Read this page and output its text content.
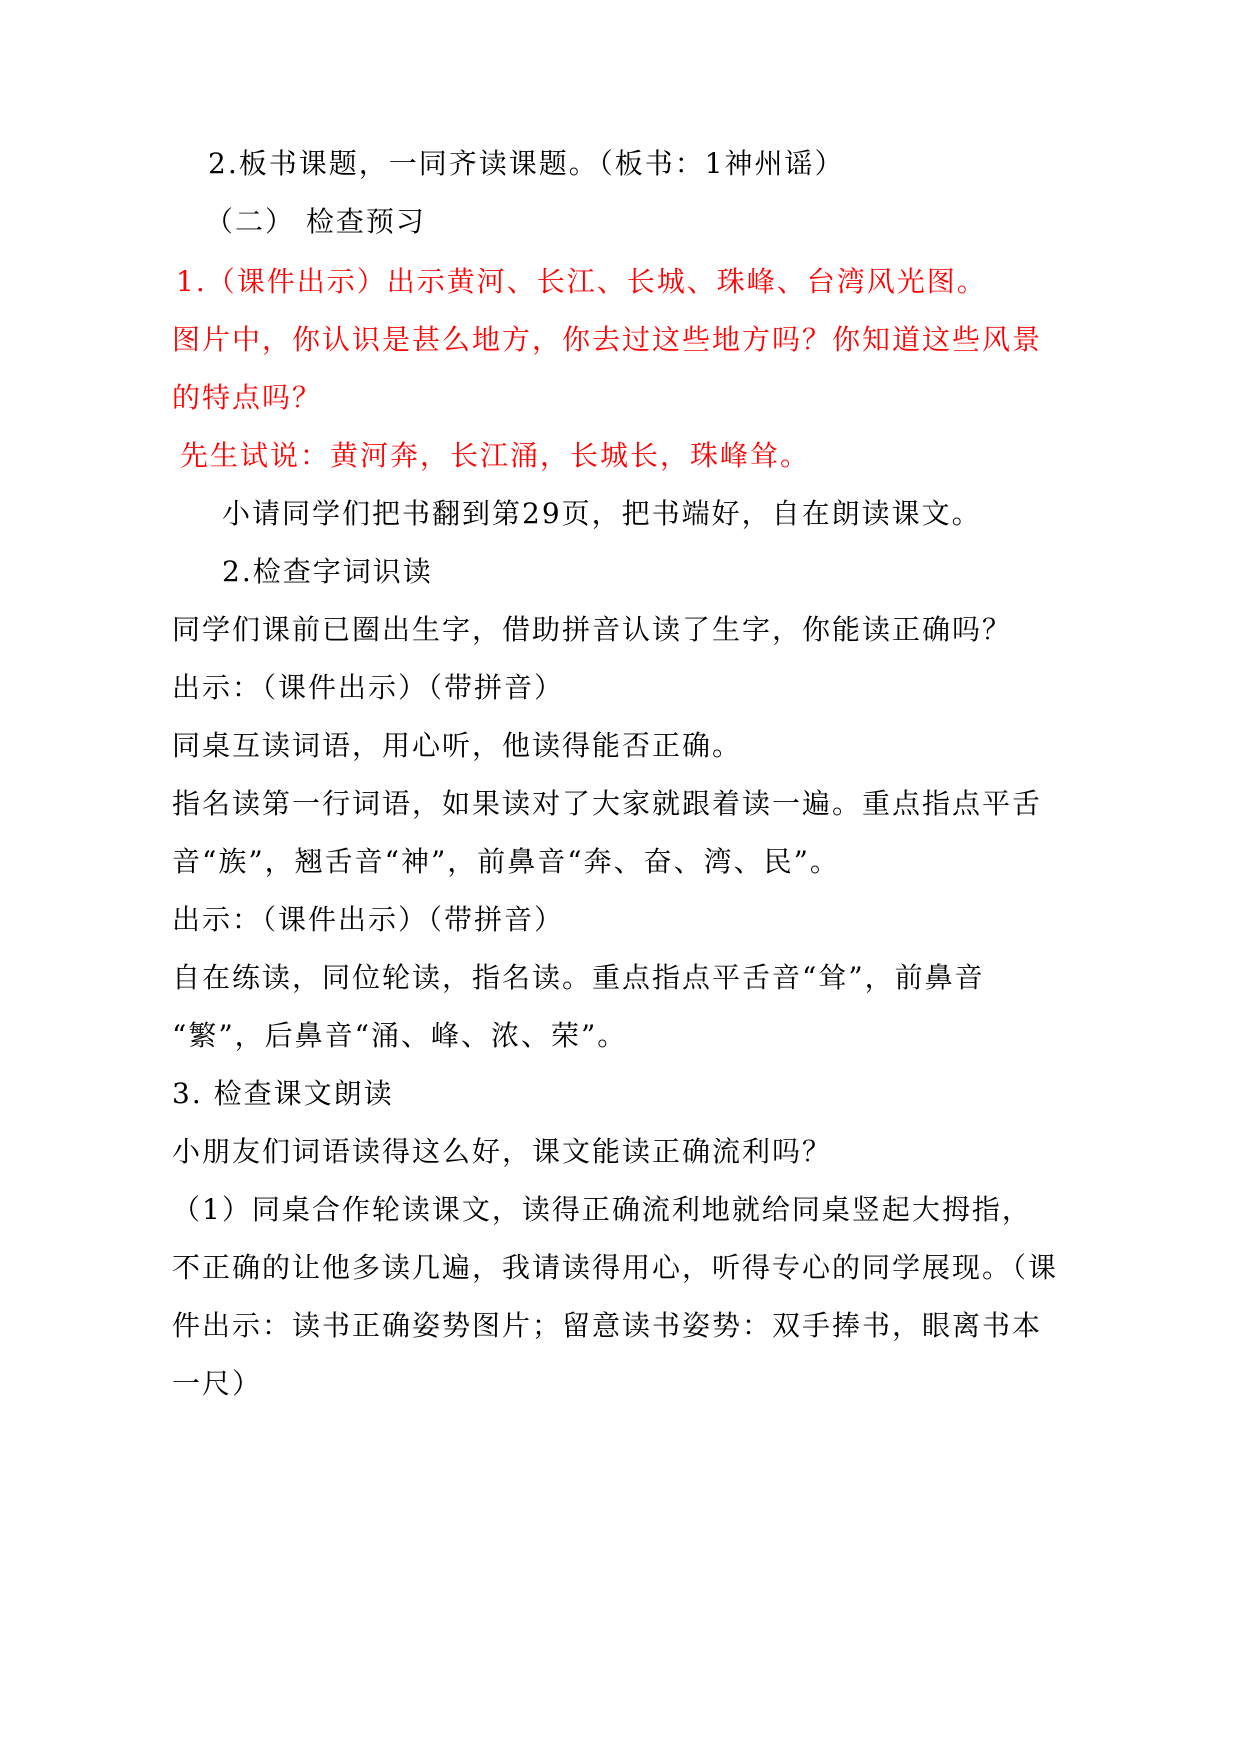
2.板书课题，一同齐读课题。（板书：1神州谣）
（二） 检查预习
1.（课件出示）出示黄河、长江、长城、珠峰、台湾风光图。
图片中，你认识是甚么地方，你去过这些地方吗？你知道这些风景
的特点吗？
先生试说：黄河奔，长江涌，长城长，珠峰耸。
小请同学们把书翻到第29页，把书端好，自在朗读课文。
2.检查字词识读
同学们课前已圈出生字，借助拼音认读了生字，你能读正确吗？
出示：（课件出示）（带拼音）
同桌互读词语，用心听，他读得能否正确。
指名读第一行词语，如果读对了大家就跟着读一遍。重点指点平舌
音“族”，翘舌音“神”，前鼻音“奔、奋、湾、民”。
出示：（课件出示）（带拼音）
自在练读，同位轮读，指名读。重点指点平舌音“耸”，前鼻音
“繁”，后鼻音“涌、峰、浓、荣”。
3. 检查课文朗读
小朋友们词语读得这么好，课文能读正确流利吗？
（1）同桌合作轮读课文，读得正确流利地就给同桌竖起大拇指，
不正确的让他多读几遍，我请读得用心，听得专心的同学展现。（课
件出示：读书正确姿势图片；留意读书姿势：双手捧书，眼离书本
一尺）
